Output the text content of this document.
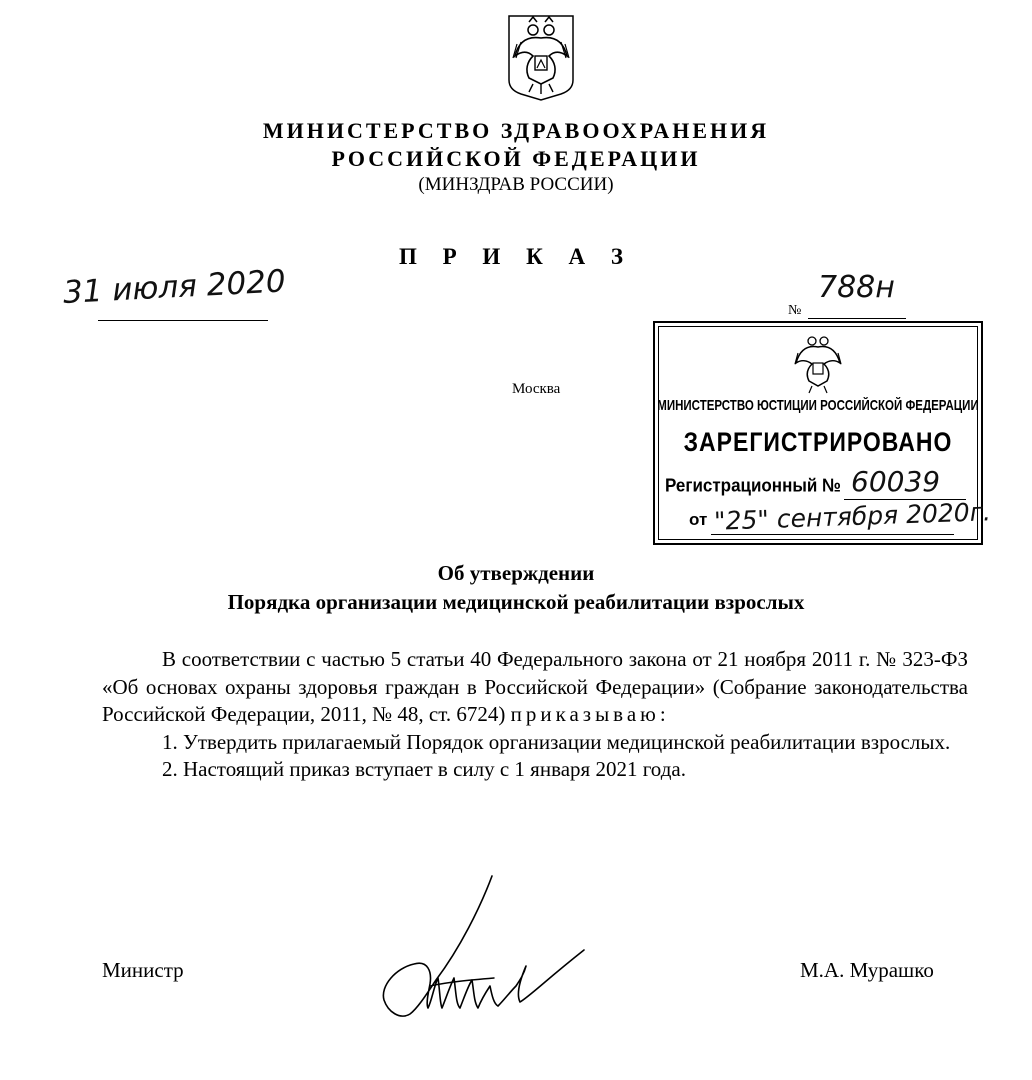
МИНИСТЕРСТВО ЗДРАВООХРАНЕНИЯ
РОССИЙСКОЙ ФЕДЕРАЦИИ
(МИНЗДРАВ РОССИИ)
П Р И К А З
31 июля 2020	№
788н
Москва
МИНИСТЕРСТВО ЮСТИЦИИ РОССИЙСКОЙ ФЕДЕРАЦИИ
ЗАРЕГИСТРИРОВАНО
Регистрационный № 60039
от "25" сентября 2020г.
Об утверждении
Порядка организации медицинской реабилитации взрослых

В соответствии с частью 5 статьи 40 Федерального закона от 21 ноября 2011 г. № 323-ФЗ «Об основах охраны здоровья граждан в Российской Федерации» (Собрание законодательства Российской Федерации, 2011, № 48, ст. 6724) приказываю:

1. Утвердить прилагаемый Порядок организации медицинской реабилитации взрослых.

2. Настоящий приказ вступает в силу с 1 января 2021 года.

Министр	М.А. Мурашко
